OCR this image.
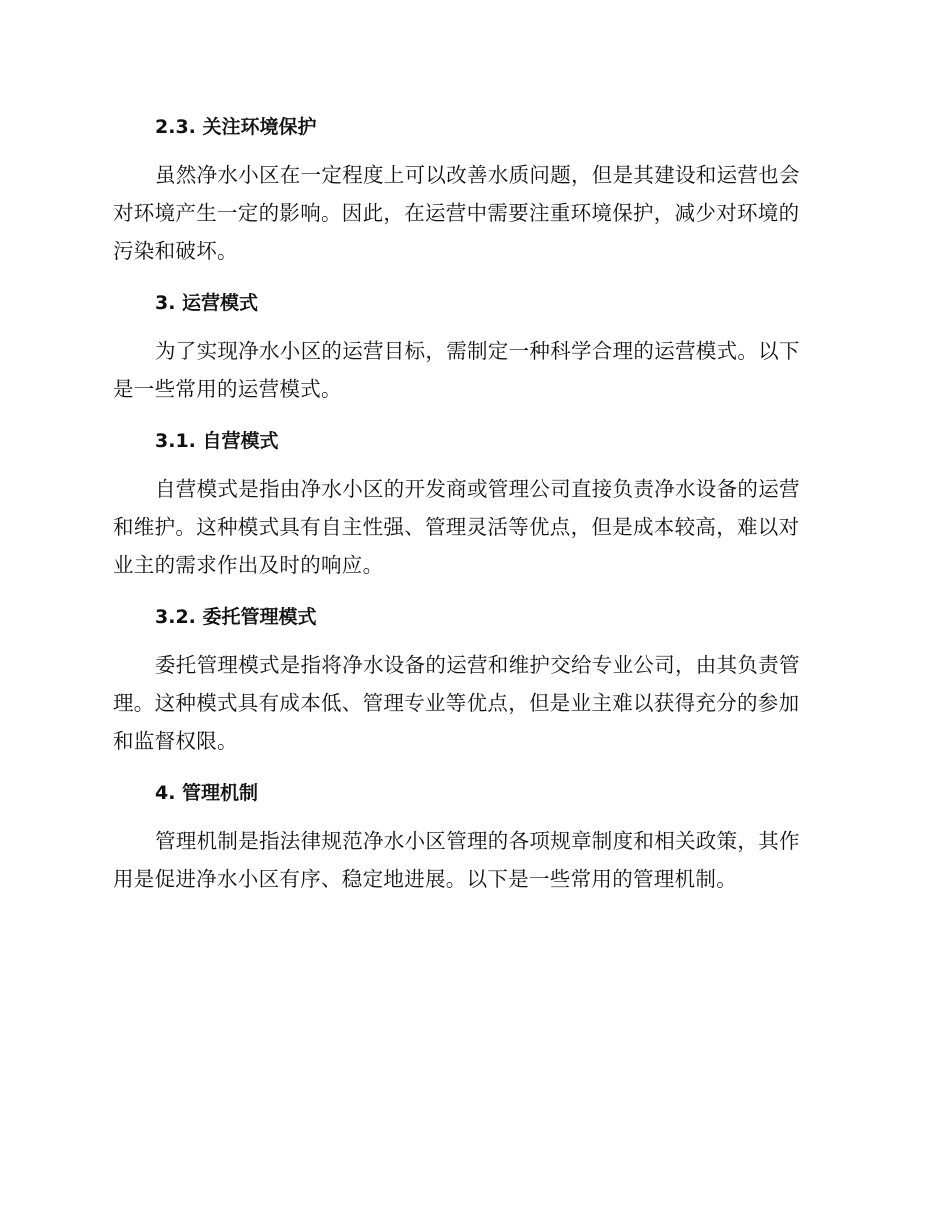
2.3. 关注环境保护
虽然净水小区在一定程度上可以改善水质问题，但是其建设和运营也会
对环境产生一定的影响。因此，在运营中需要注重环境保护，减少对环境的
污染和破坏。
3. 运营模式
为了实现净水小区的运营目标，需制定一种科学合理的运营模式。以下
是一些常用的运营模式。
3.1. 自营模式
自营模式是指由净水小区的开发商或管理公司直接负责净水设备的运营
和维护。这种模式具有自主性强、管理灵活等优点，但是成本较高，难以对
业主的需求作出及时的响应。
3.2. 委托管理模式
委托管理模式是指将净水设备的运营和维护交给专业公司，由其负责管
理。这种模式具有成本低、管理专业等优点，但是业主难以获得充分的参加
和监督权限。
4. 管理机制
管理机制是指法律规范净水小区管理的各项规章制度和相关政策，其作
用是促进净水小区有序、稳定地进展。以下是一些常用的管理机制。
